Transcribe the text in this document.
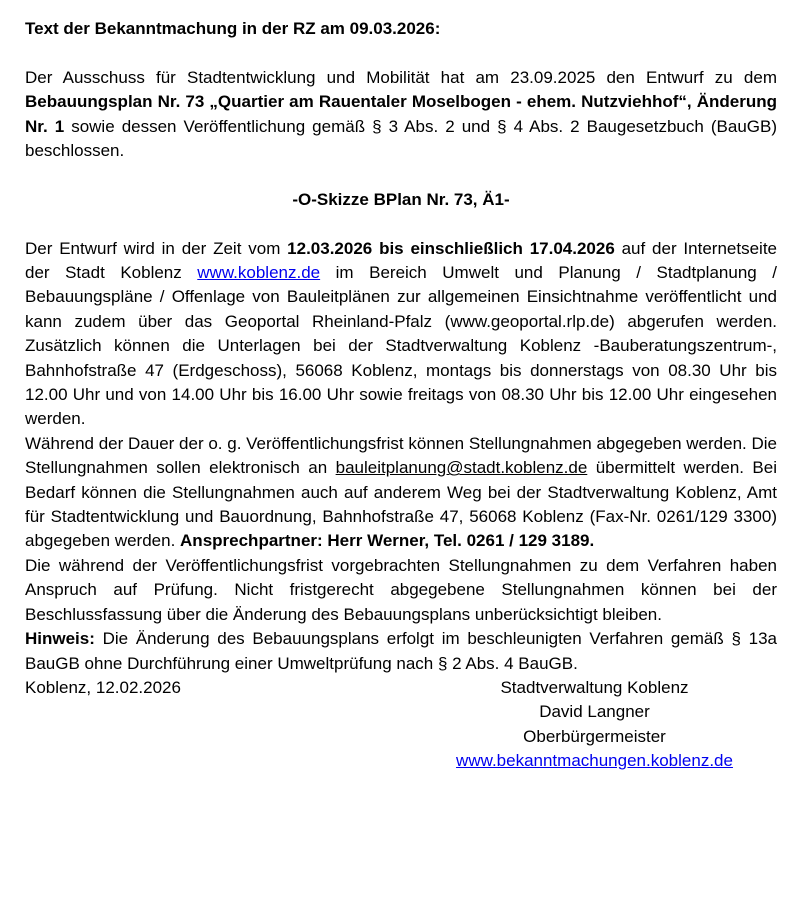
Text der Bekanntmachung in der RZ am 09.03.2026:

Der Ausschuss für Stadtentwicklung und Mobilität hat am 23.09.2025 den Entwurf zu dem Bebauungsplan Nr. 73 „Quartier am Rauentaler Moselbogen - ehem. Nutzviehhof“, Änderung Nr. 1 sowie dessen Veröffentlichung gemäß § 3 Abs. 2 und § 4 Abs. 2 Baugesetzbuch (BauGB) beschlossen.

-O-Skizze BPlan Nr. 73, Ä1-

Der Entwurf wird in der Zeit vom 12.03.2026 bis einschließlich 17.04.2026 auf der Internetseite der Stadt Koblenz www.koblenz.de im Bereich Umwelt und Planung / Stadtplanung / Bebauungspläne / Offenlage von Bauleitplänen zur allgemeinen Einsichtnahme veröffentlicht und kann zudem über das Geoportal Rheinland-Pfalz (www.geoportal.rlp.de) abgerufen werden. Zusätzlich können die Unterlagen bei der Stadtverwaltung Koblenz -Bauberatungszentrum-, Bahnhofstraße 47 (Erdgeschoss), 56068 Koblenz, montags bis donnerstags von 08.30 Uhr bis 12.00 Uhr und von 14.00 Uhr bis 16.00 Uhr sowie freitags von 08.30 Uhr bis 12.00 Uhr eingesehen werden.

Während der Dauer der o. g. Veröffentlichungsfrist können Stellungnahmen abgegeben werden. Die Stellungnahmen sollen elektronisch an bauleitplanung@stadt.koblenz.de übermittelt werden. Bei Bedarf können die Stellungnahmen auch auf anderem Weg bei der Stadtverwaltung Koblenz, Amt für Stadtentwicklung und Bauordnung, Bahnhofstraße 47, 56068 Koblenz (Fax-Nr. 0261/129 3300) abgegeben werden. Ansprechpartner: Herr Werner, Tel. 0261 / 129 3189.

Die während der Veröffentlichungsfrist vorgebrachten Stellungnahmen zu dem Verfahren haben Anspruch auf Prüfung. Nicht fristgerecht abgegebene Stellungnahmen können bei der Beschlussfassung über die Änderung des Bebauungsplans unberücksichtigt bleiben.

Hinweis: Die Änderung des Bebauungsplans erfolgt im beschleunigten Verfahren gemäß § 13a BauGB ohne Durchführung einer Umweltprüfung nach § 2 Abs. 4 BauGB.

Koblenz, 12.02.2026	Stadtverwaltung Koblenz
David Langner
Oberbürgermeister
www.bekanntmachungen.koblenz.de
